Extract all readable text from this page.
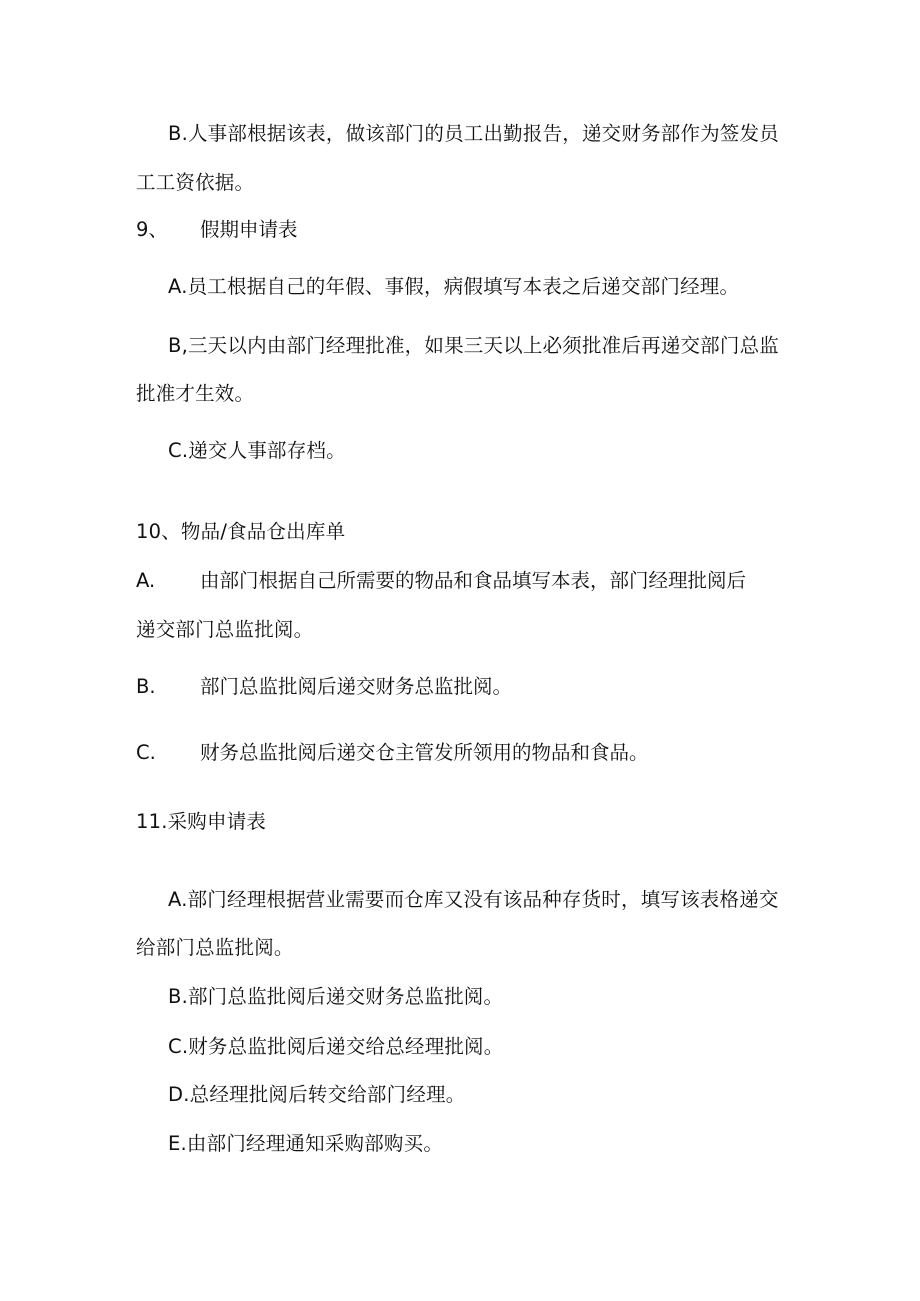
B.人事部根据该表，做该部门的员工出勤报告，递交财务部作为签发员
工工资依据。
9、 假期申请表
A.员工根据自己的年假、事假，病假填写本表之后递交部门经理。
B,三天以内由部门经理批准，如果三天以上必须批准后再递交部门总监
批准才生效。
C.递交人事部存档。
10、物品/食品仓出库单
A. 由部门根据自己所需要的物品和食品填写本表，部门经理批阅后
递交部门总监批阅。
B. 部门总监批阅后递交财务总监批阅。
C. 财务总监批阅后递交仓主管发所领用的物品和食品。
11.采购申请表
A.部门经理根据营业需要而仓库又没有该品种存货时，填写该表格递交
给部门总监批阅。
B.部门总监批阅后递交财务总监批阅。
C.财务总监批阅后递交给总经理批阅。
D.总经理批阅后转交给部门经理。
E.由部门经理通知采购部购买。
